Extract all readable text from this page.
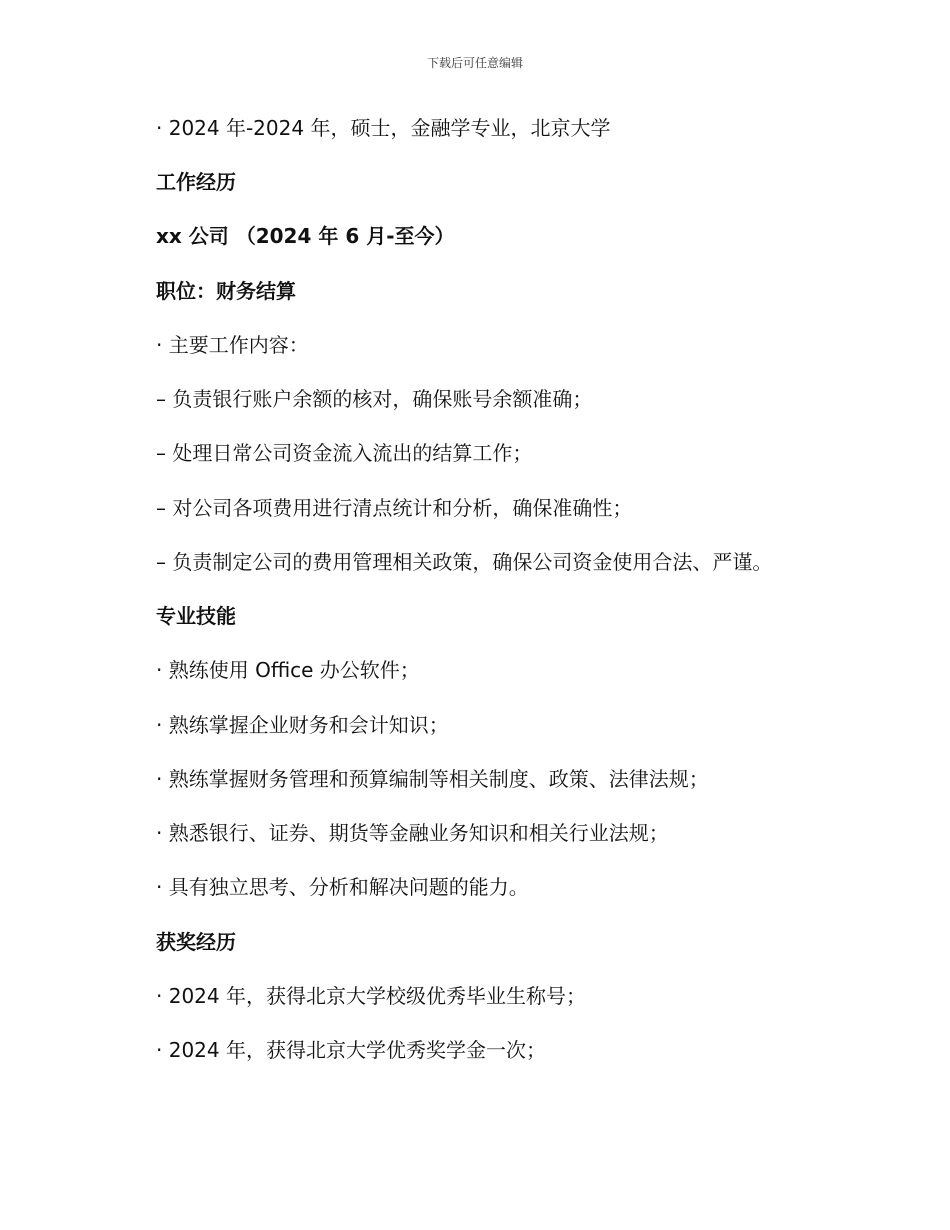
下载后可任意编辑
· 2024 年-2024 年，硕士，金融学专业，北京大学
工作经历
xx 公司 （2024 年 6 月-至今）
职位：财务结算
· 主要工作内容：
– 负责银行账户余额的核对，确保账号余额准确；
– 处理日常公司资金流入流出的结算工作；
– 对公司各项费用进行清点统计和分析，确保准确性；
– 负责制定公司的费用管理相关政策，确保公司资金使用合法、严谨。
专业技能
· 熟练使用 Office 办公软件；
· 熟练掌握企业财务和会计知识；
· 熟练掌握财务管理和预算编制等相关制度、政策、法律法规；
· 熟悉银行、证券、期货等金融业务知识和相关行业法规；
· 具有独立思考、分析和解决问题的能力。
获奖经历
· 2024 年，获得北京大学校级优秀毕业生称号；
· 2024 年，获得北京大学优秀奖学金一次；
